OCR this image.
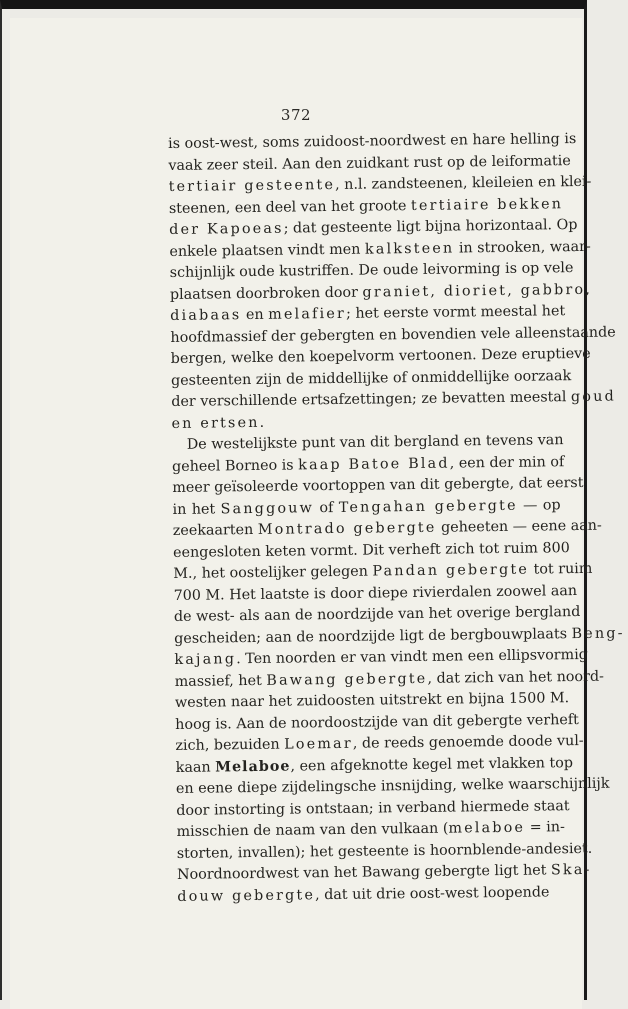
372
is oost-west, soms zuidoost-noordwest en hare helling is
vaak zeer steil. Aan den zuidkant rust op de leiformatie
tertiair gesteente, n.l. zandsteenen, kleileien en klei-
steenen, een deel van het groote tertiaire bekken
der Kapoeas; dat gesteente ligt bijna horizontaal. Op
enkele plaatsen vindt men kalksteen in strooken, waar-
schijnlijk oude kustriffen. De oude leivorming is op vele
plaatsen doorbroken door graniet, dioriet, gabbro,
diabaas en melafier; het eerste vormt meestal het
hoofdmassief der gebergten en bovendien vele alleenstaande
bergen, welke den koepelvorm vertoonen. Deze eruptieve
gesteenten zijn de middellijke of onmiddellijke oorzaak
der verschillende ertsafzettingen; ze bevatten meestal goud
en ertsen.
De westelijkste punt van dit bergland en tevens van
geheel Borneo is kaap Batoe Blad, een der min of
meer geïsoleerde voortoppen van dit gebergte, dat eerst
in het Sanggouw of Tengahan gebergte — op
zeekaarten Montrado gebergte geheeten — eene aan-
eengesloten keten vormt. Dit verheft zich tot ruim 800
M., het oostelijker gelegen Pandan gebergte tot ruim
700 M. Het laatste is door diepe rivierdalen zoowel aan
de west- als aan de noordzijde van het overige bergland
gescheiden; aan de noordzijde ligt de bergbouwplaats Beng-
kajang. Ten noorden er van vindt men een ellipsvormig
massief, het Bawang gebergte, dat zich van het noord-
westen naar het zuidoosten uitstrekt en bijna 1500 M.
hoog is. Aan de noordoostzijde van dit gebergte verheft
zich, bezuiden Loemar, de reeds genoemde doode vul-
kaan Melaboe, een afgeknotte kegel met vlakken top
en eene diepe zijdelingsche insnijding, welke waarschijnlijk
door instorting is ontstaan; in verband hiermede staat
misschien de naam van den vulkaan (melaboe = in-
storten, invallen); het gesteente is hoornblende-andesiet.
Noordnoordwest van het Bawang gebergte ligt het Ska-
douw gebergte, dat uit drie oost-west loopende
